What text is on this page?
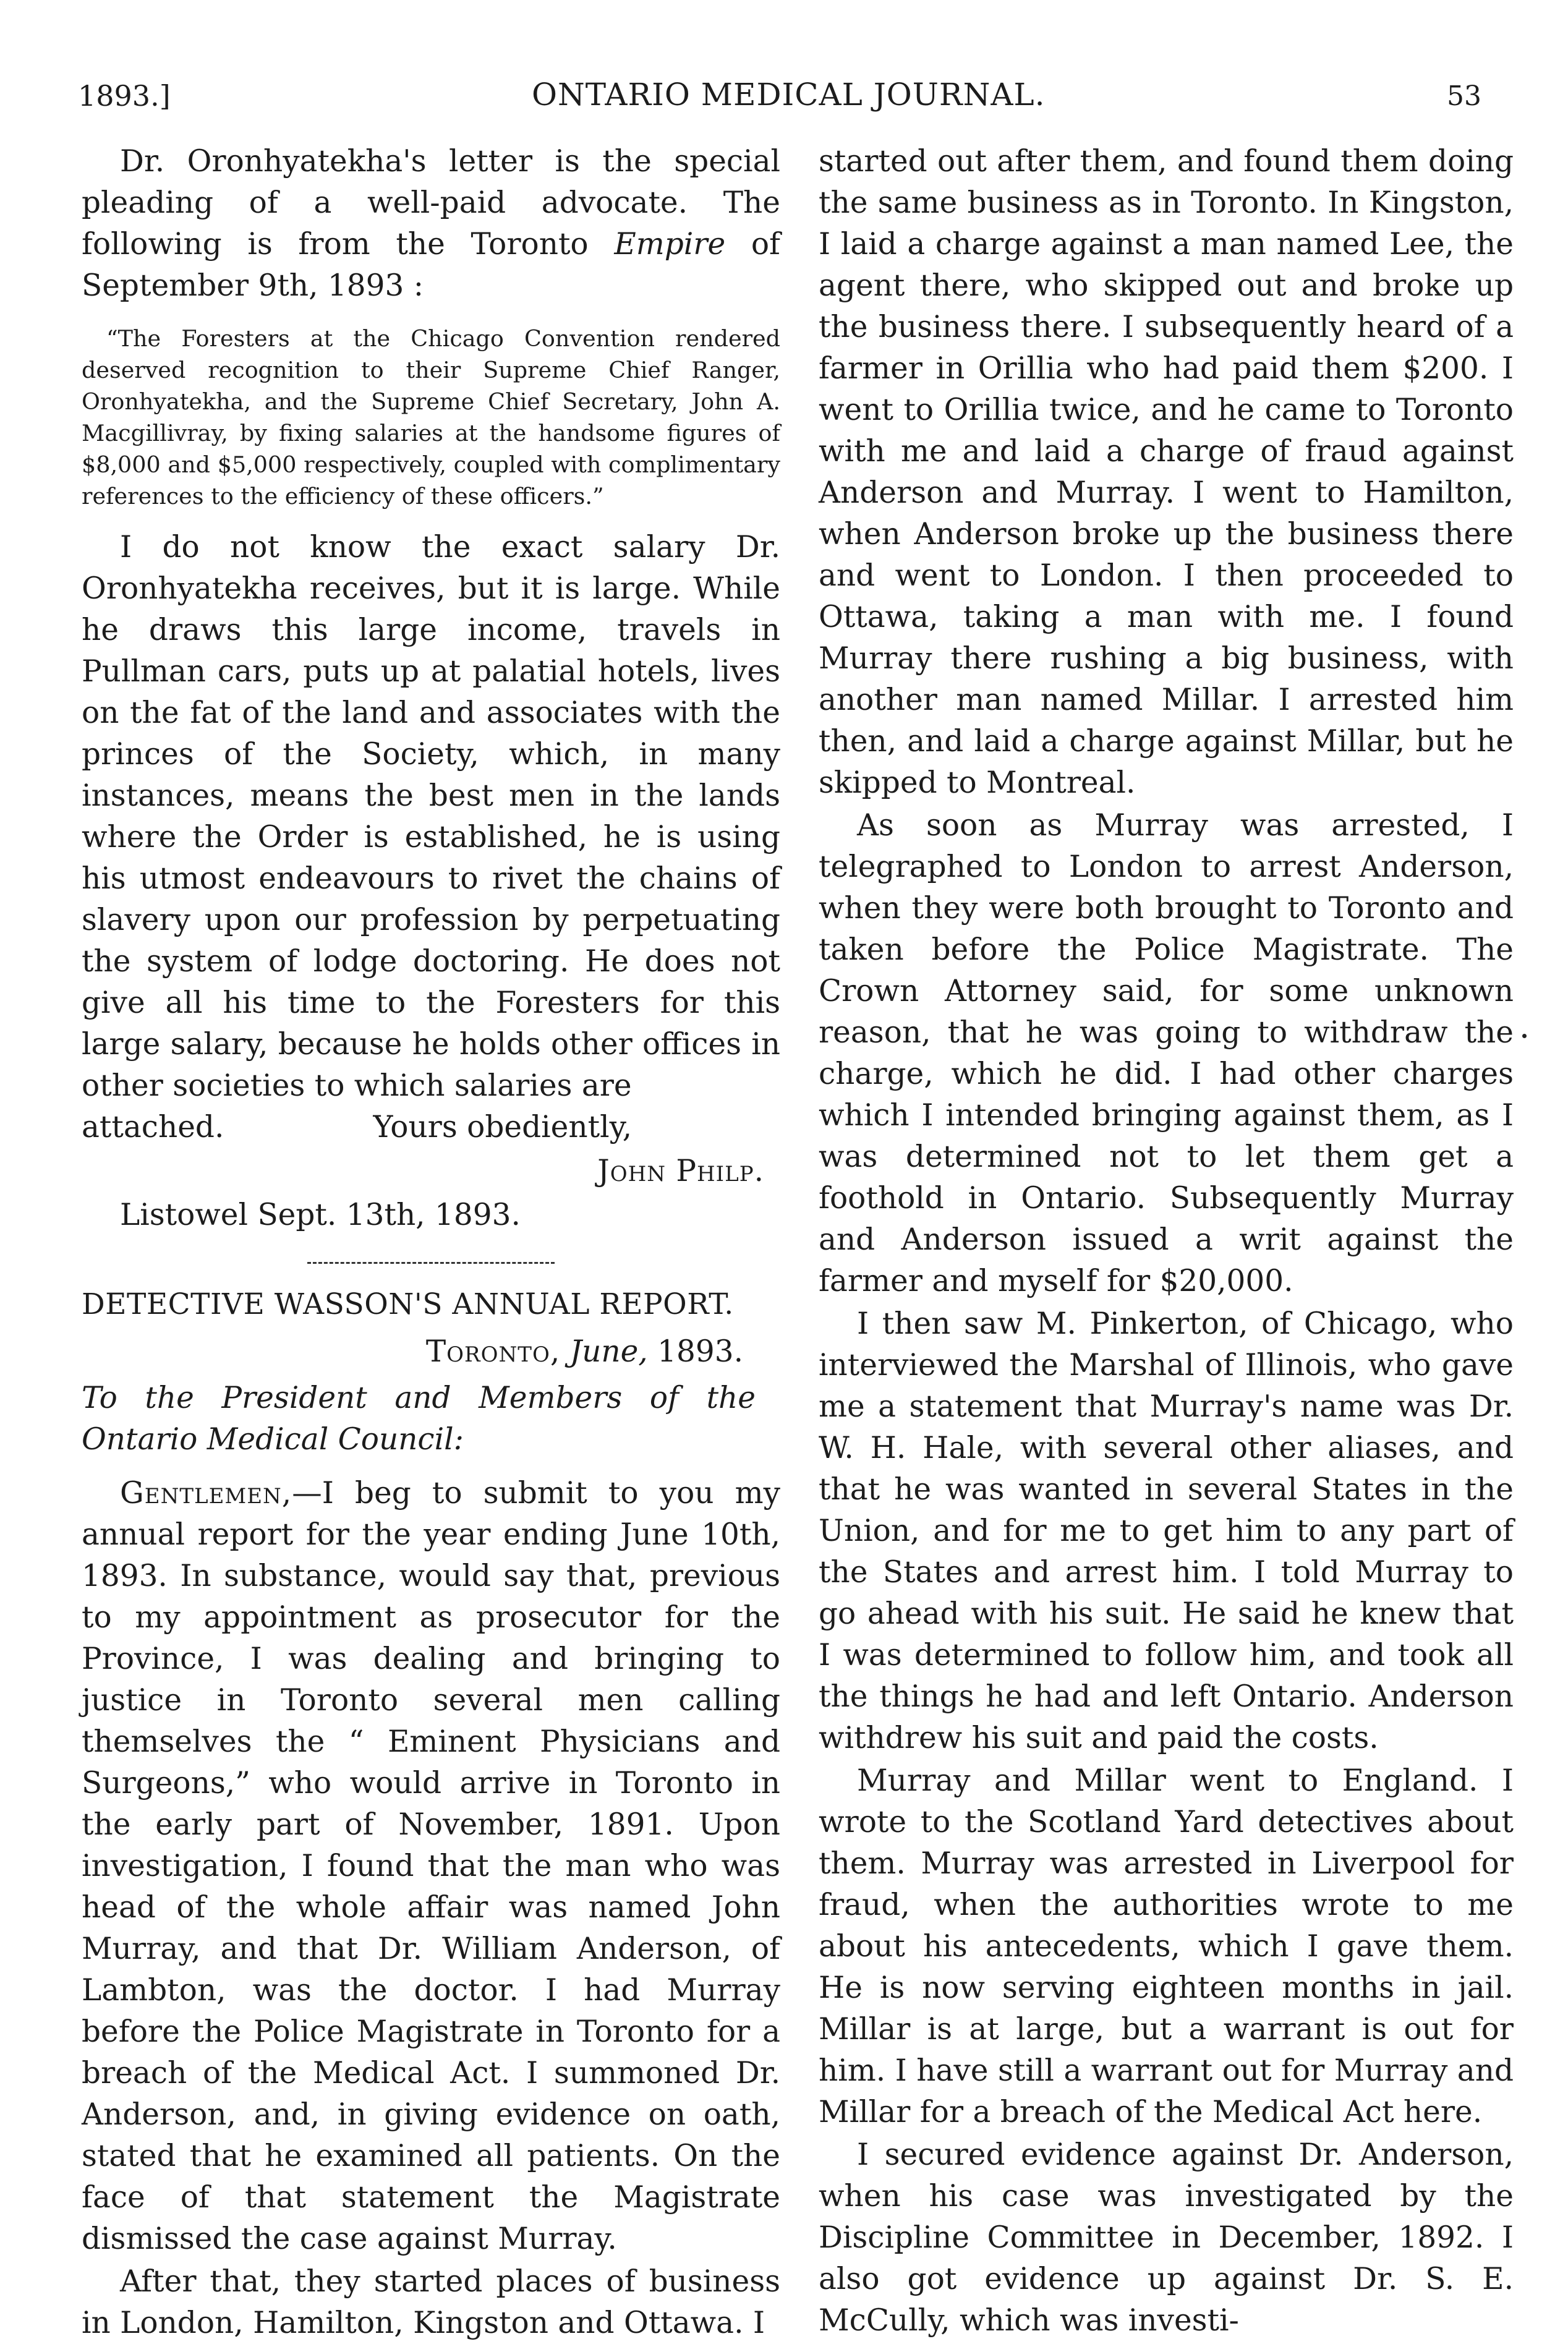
1893.]	ONTARIO MEDICAL JOURNAL.	53

Dr. Oronhyatekha's letter is the special pleading of a well-paid advocate. The following is from the Toronto Empire of September 9th, 1893 :

“The Foresters at the Chicago Convention rendered deserved recognition to their Supreme Chief Ranger, Oronhyatekha, and the Supreme Chief Secretary, John A. Macgillivray, by fixing salaries at the handsome figures of $8,000 and $5,000 respectively, coupled with complimentary references to the efficiency of these officers.”

I do not know the exact salary Dr. Oronhyatekha receives, but it is large. While he draws this large income, travels in Pullman cars, puts up at palatial hotels, lives on the fat of the land and associates with the princes of the Society, which, in many instances, means the best men in the lands where the Order is established, he is using his utmost endeavours to rivet the chains of slavery upon our profession by perpetuating the system of lodge doctoring. He does not give all his time to the Foresters for this large salary, because he holds other offices in other societies to which salaries are

attached.	Yours obediently,

John Philp.

Listowel Sept. 13th, 1893.

DETECTIVE WASSON'S ANNUAL REPORT.

Toronto, June, 1893.

To the President and Members of the Ontario Medical Council:

Gentlemen,—I beg to submit to you my annual report for the year ending June 10th, 1893. In substance, would say that, previous to my appointment as prosecutor for the Province, I was dealing and bringing to justice in Toronto several men calling themselves the “ Eminent Physicians and Surgeons,” who would arrive in Toronto in the early part of November, 1891. Upon investigation, I found that the man who was head of the whole affair was named John Murray, and that Dr. William Anderson, of Lambton, was the doctor. I had Murray before the Police Magistrate in Toronto for a breach of the Medical Act. I summoned Dr. Anderson, and, in giving evidence on oath, stated that he examined all patients. On the face of that statement the Magistrate dismissed the case against Murray.

After that, they started places of business in London, Hamilton, Kingston and Ottawa. I

started out after them, and found them doing the same business as in Toronto. In Kingston, I laid a charge against a man named Lee, the agent there, who skipped out and broke up the business there. I subsequently heard of a farmer in Orillia who had paid them $200. I went to Orillia twice, and he came to Toronto with me and laid a charge of fraud against Anderson and Murray. I went to Hamilton, when Anderson broke up the business there and went to London. I then proceeded to Ottawa, taking a man with me. I found Murray there rushing a big business, with another man named Millar. I arrested him then, and laid a charge against Millar, but he skipped to Montreal.

As soon as Murray was arrested, I telegraphed to London to arrest Anderson, when they were both brought to Toronto and taken before the Police Magistrate. The Crown Attorney said, for some unknown reason, that he was going to withdraw the charge, which he did. I had other charges which I intended bringing against them, as I was determined not to let them get a foothold in Ontario. Subsequently Murray and Anderson issued a writ against the farmer and myself for $20,000.

I then saw M. Pinkerton, of Chicago, who interviewed the Marshal of Illinois, who gave me a statement that Murray's name was Dr. W. H. Hale, with several other aliases, and that he was wanted in several States in the Union, and for me to get him to any part of the States and arrest him. I told Murray to go ahead with his suit. He said he knew that I was determined to follow him, and took all the things he had and left Ontario. Anderson withdrew his suit and paid the costs.

Murray and Millar went to England. I wrote to the Scotland Yard detectives about them. Murray was arrested in Liverpool for fraud, when the authorities wrote to me about his antecedents, which I gave them. He is now serving eighteen months in jail. Millar is at large, but a warrant is out for him. I have still a warrant out for Murray and Millar for a breach of the Medical Act here.

I secured evidence against Dr. Anderson, when his case was investigated by the Discipline Committee in December, 1892. I also got evidence up against Dr. S. E. McCully, which was investi-
